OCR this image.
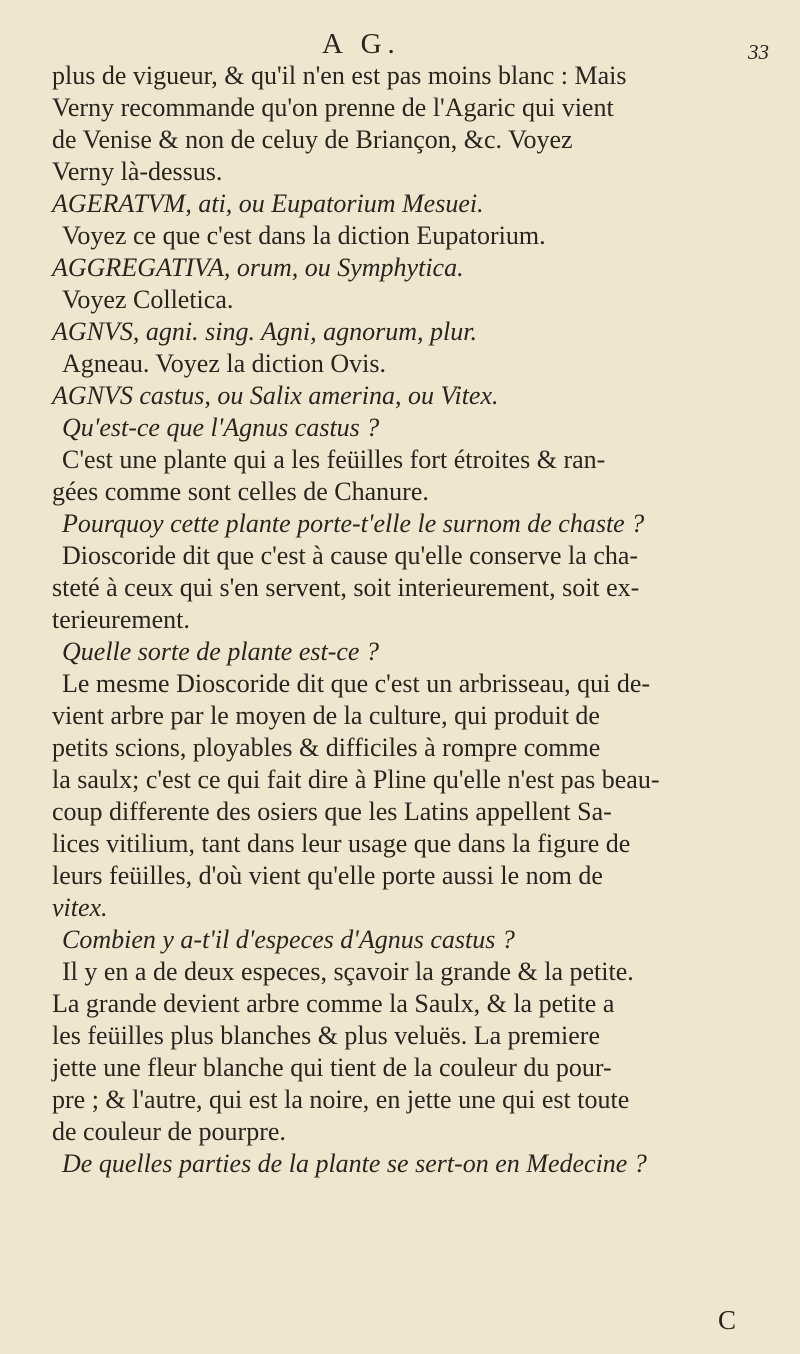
A G.	33
plus de vigueur, & qu'il n'en est pas moins blanc : Mais
Verny recommande qu'on prenne de l'Agaric qui vient
de Venise & non de celuy de Briançon, &c. Voyez
Verny là-dessus.
AGERATVM, ati, ou Eupatorium Mesuei.
Voyez ce que c'est dans la diction Eupatorium.
AGGREGATIVA, orum, ou Symphytica.
Voyez Colletica.
AGNVS, agni. sing. Agni, agnorum, plur.
Agneau. Voyez la diction Ovis.
AGNVS castus, ou Salix amerina, ou Vitex.
Qu'est-ce que l'Agnus castus ?
C'est une plante qui a les feüilles fort étroites & ran-
gées comme sont celles de Chanure.
Pourquoy cette plante porte-t'elle le surnom de chaste ?
Dioscoride dit que c'est à cause qu'elle conserve la cha-
steté à ceux qui s'en servent, soit interieurement, soit ex-
terieurement.
Quelle sorte de plante est-ce ?
Le mesme Dioscoride dit que c'est un arbrisseau, qui de-
vient arbre par le moyen de la culture, qui produit de
petits scions, ployables & difficiles à rompre comme
la saulx; c'est ce qui fait dire à Pline qu'elle n'est pas beau-
coup differente des osiers que les Latins appellent Sa-
lices vitilium, tant dans leur usage que dans la figure de
leurs feüilles, d'où vient qu'elle porte aussi le nom de
vitex.
Combien y a-t'il d'especes d'Agnus castus ?
Il y en a de deux especes, sçavoir la grande & la petite.
La grande devient arbre comme la Saulx, & la petite a
les feüilles plus blanches & plus veluës. La premiere
jette une fleur blanche qui tient de la couleur du pour-
pre ; & l'autre, qui est la noire, en jette une qui est toute
de couleur de pourpre.
De quelles parties de la plante se sert-on en Medecine ?
C
